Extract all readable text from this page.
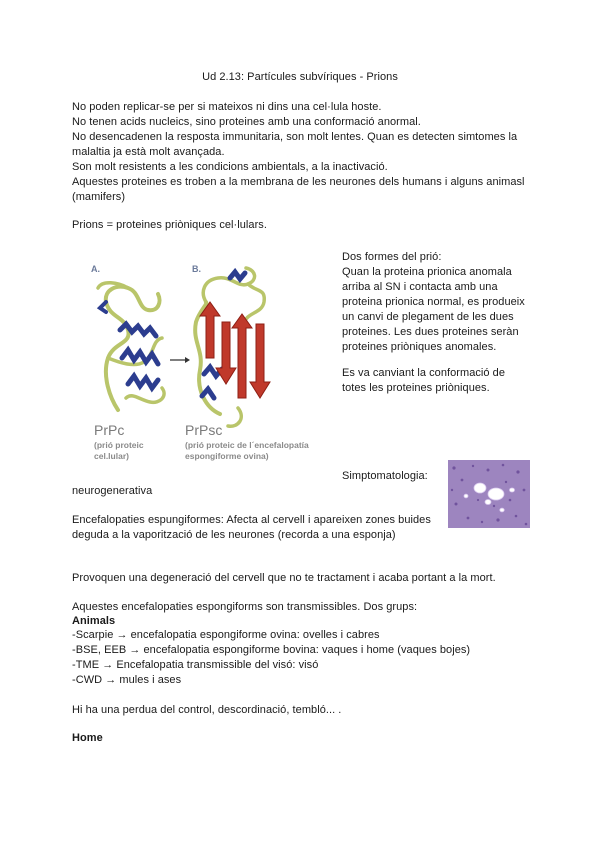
Ud 2.13: Partícules subvíriques - Prions
No poden replicar-se per si mateixos ni dins una cel·lula hoste.
No tenen acids nucleics, sino proteines amb una conformació anormal.
No desencadenen la resposta immunitaria, son molt lentes. Quan es detecten simtomes la
malaltia ja està molt avançada.
Son molt resistents a les condicions ambientals, a la inactivació.
Aquestes proteines es troben a la membrana de les neurones dels humans i alguns animasl
(mamifers)
Prions = proteines priòniques cel·lulars.
A.	B.
PrPc
(prió proteic
cel.lular)
PrPsc
(prió proteic de l´encefalopatía
espongiforme ovina)
Dos formes del prió:
Quan la proteina prionica anomala
arriba al SN i contacta amb una
proteina prionica normal, es produeix
un canvi de plegament de les dues
proteines. Les dues proteines seràn
proteines priòniques anomales.
Es va canviant la conformació de
totes les proteines priòniques.
Simptomatologia:
neurogenerativa
Encefalopaties espungiformes: Afecta al cervell i apareixen zones buides
deguda a la vaporització de les neurones (recorda a una esponja)
Provoquen una degeneració del cervell que no te tractament i acaba portant a la mort.
Aquestes encefalopaties espongiforms son transmissibles. Dos grups:
Animals
-Scarpie → encefalopatia espongiforme ovina: ovelles i cabres
-BSE, EEB → encefalopatia espongiforme bovina: vaques i home (vaques bojes)
-TME → Encefalopatia transmissible del visó: visó
-CWD → mules i ases
Hi ha una perdua del control, descordinació, tembló... .
Home
